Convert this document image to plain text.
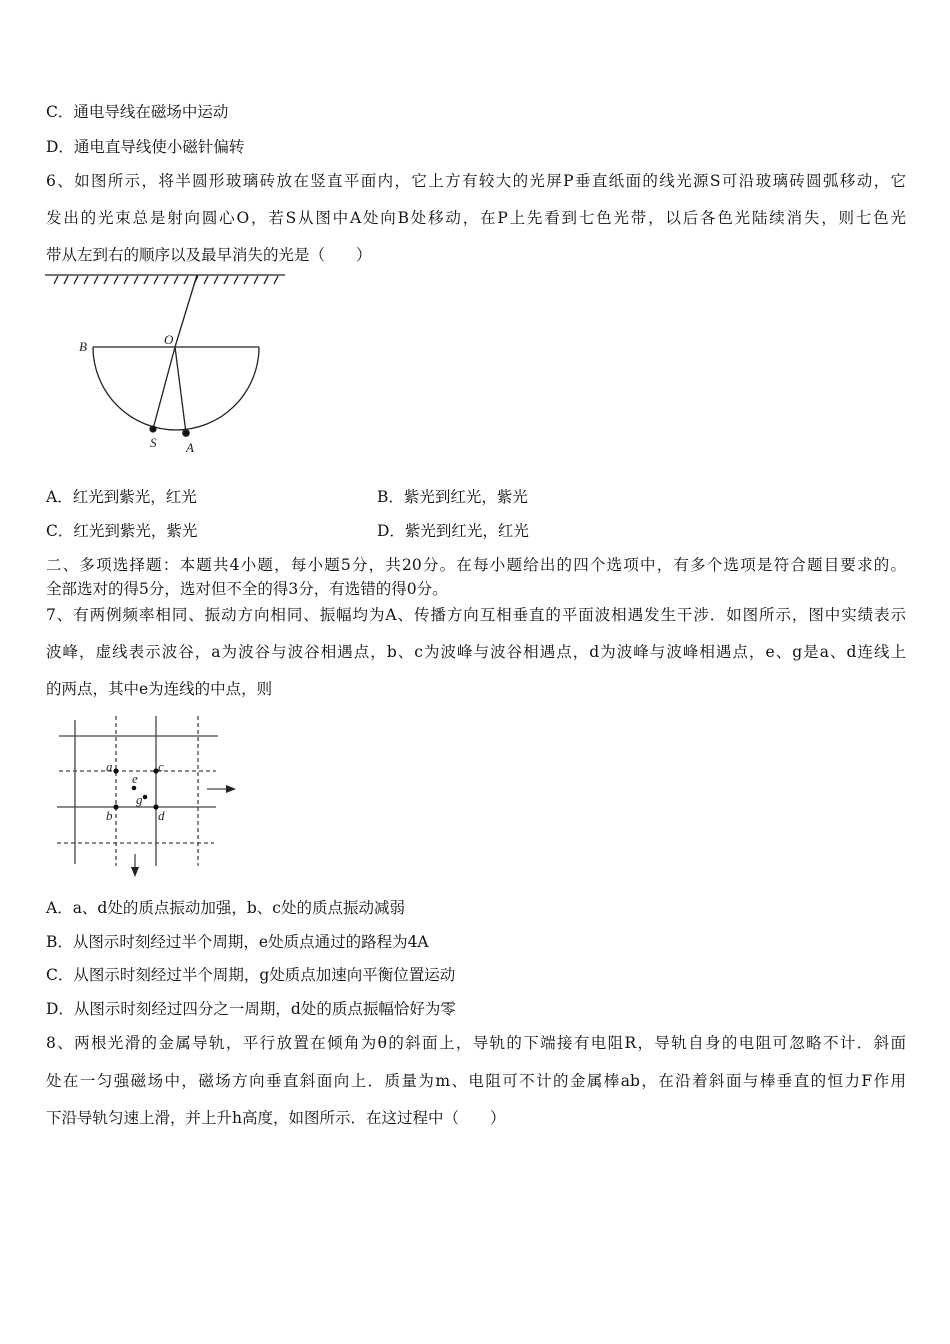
C．通电导线在磁场中运动
D．通电直导线使小磁针偏转
6、如图所示，将半圆形玻璃砖放在竖直平面内，它上方有较大的光屏P垂直纸面的线光源S可沿玻璃砖圆弧移动，它
发出的光束总是射向圆心O，若S从图中A处向B处移动，在P上先看到七色光带，以后各色光陆续消失，则七色光
带从左到右的顺序以及最早消失的光是（　　）
B	O
S A
a	c
b	d
e
g
A．红光到紫光，红光	B．紫光到红光，紫光
C．红光到紫光，紫光	D．紫光到红光，红光
二、多项选择题：本题共4小题，每小题5分，共20分。在每小题给出的四个选项中，有多个选项是符合题目要求的。
全部选对的得5分，选对但不全的得3分，有选错的得0分。
7、有两例频率相同、振动方向相同、振幅均为A、传播方向互相垂直的平面波相遇发生干涉．如图所示，图中实绩表示
波峰，虚线表示波谷，a为波谷与波谷相遇点，b、c为波峰与波谷相遇点，d为波峰与波峰相遇点，e、g是a、d连线上
的两点，其中e为连线的中点，则
A．a、d处的质点振动加强，b、c处的质点振动减弱
B．从图示时刻经过半个周期，e处质点通过的路程为4A
C．从图示时刻经过半个周期，g处质点加速向平衡位置运动
D．从图示时刻经过四分之一周期，d处的质点振幅恰好为零
8、两根光滑的金属导轨，平行放置在倾角为θ的斜面上，导轨的下端接有电阻R，导轨自身的电阻可忽略不计．斜面
处在一匀强磁场中，磁场方向垂直斜面向上．质量为m、电阻可不计的金属棒ab，在沿着斜面与棒垂直的恒力F作用
下沿导轨匀速上滑，并上升h高度，如图所示．在这过程中（　　）
